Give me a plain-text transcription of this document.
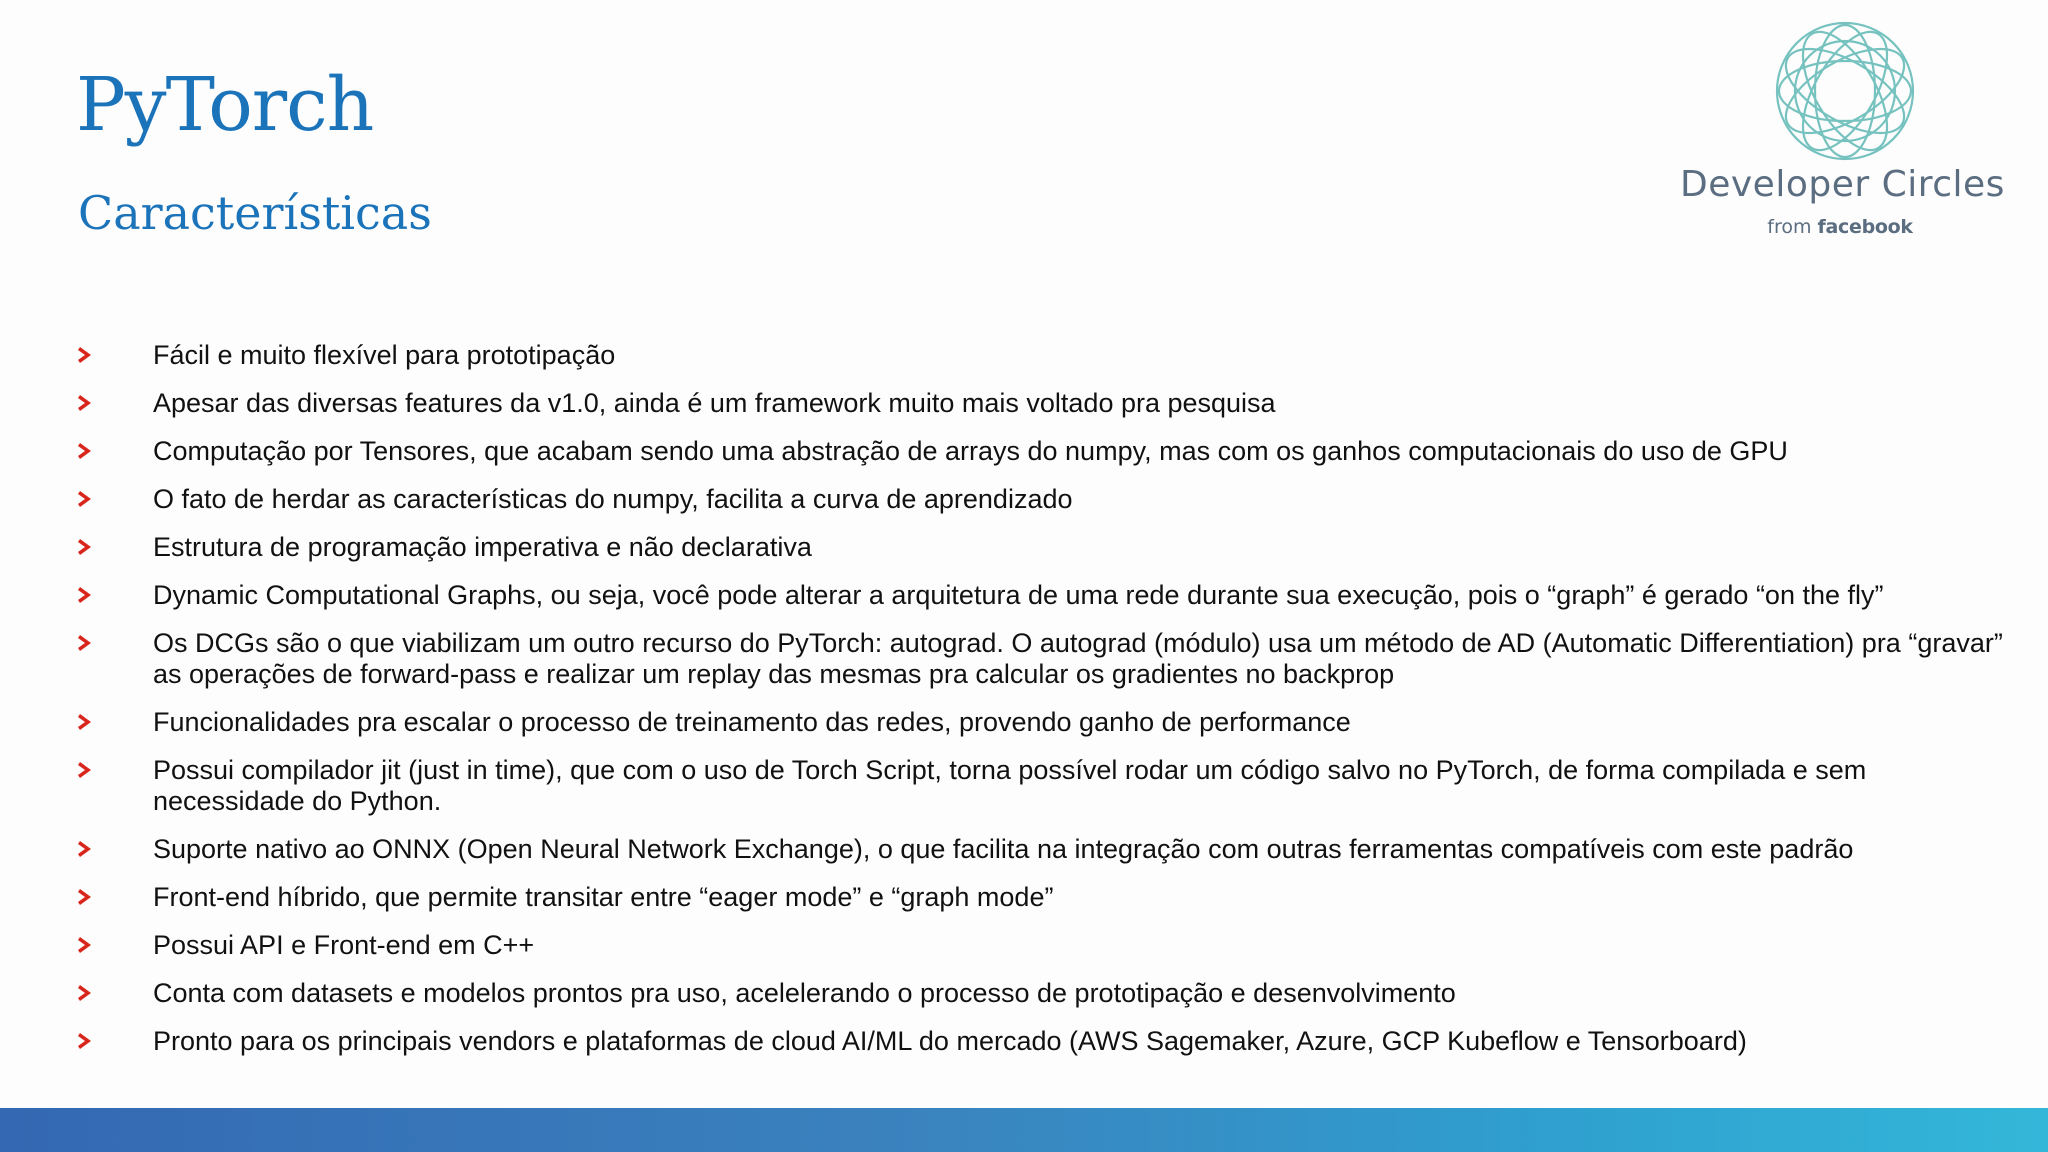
PyTorch
Características
Developer Circles
from facebook
Fácil e muito flexível para prototipação
Apesar das diversas features da v1.0, ainda é um framework muito mais voltado pra pesquisa
Computação por Tensores, que acabam sendo uma abstração de arrays do numpy, mas com os ganhos computacionais do uso de GPU
O fato de herdar as características do numpy, facilita a curva de aprendizado
Estrutura de programação imperativa e não declarativa
Dynamic Computational Graphs, ou seja, você pode alterar a arquitetura de uma rede durante sua execução, pois o “graph” é gerado “on the fly”
Os DCGs são o que viabilizam um outro recurso do PyTorch: autograd. O autograd (módulo) usa um método de AD (Automatic Differentiation) pra “gravar” as operações de forward-pass e realizar um replay das mesmas pra calcular os gradientes no backprop
Funcionalidades pra escalar o processo de treinamento das redes, provendo ganho de performance
Possui compilador jit (just in time), que com o uso de Torch Script, torna possível rodar um código salvo no PyTorch, de forma compilada e sem necessidade do Python.
Suporte nativo ao ONNX (Open Neural Network Exchange), o que facilita na integração com outras ferramentas compatíveis com este padrão
Front-end híbrido, que permite transitar entre “eager mode” e “graph mode”
Possui API e Front-end em C++
Conta com datasets e modelos prontos pra uso, acelelerando o processo de prototipação e desenvolvimento
Pronto para os principais vendors e plataformas de cloud AI/ML do mercado (AWS Sagemaker, Azure, GCP Kubeflow e Tensorboard)
